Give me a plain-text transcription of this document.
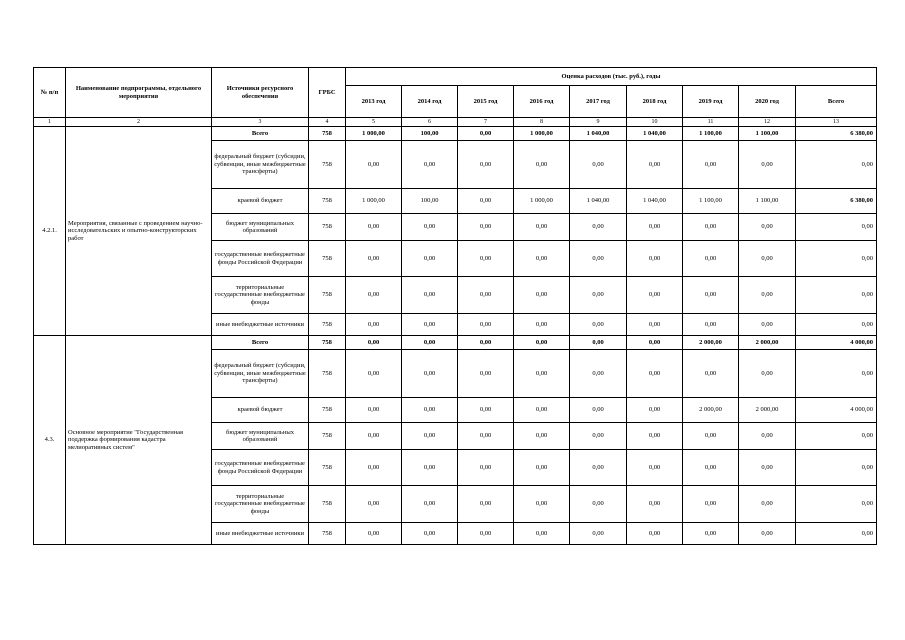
№ п/п	Наименование подпрограммы, отдельного мероприятия	Источники ресурсного обеспечения	ГРБС	Оценка расходов (тыс. руб.), годы								
				2013 год	2014 год	2015 год	2016 год	2017 год	2018 год	2019 год	2020 год	Всего
1	2	3	4	5	6	7	8	9	10	11	12	13
4.2.1.	Мероприятия, связанные с проведением научно-исследовательских и опытно-конструкторских работ	Всего	758	1 000,00	100,00	0,00	1 000,00	1 040,00	1 040,00	1 100,00	1 100,00	6 380,00
		федеральный бюджет (субсидии, субвенции, иные межбюджетные трансферты)	758	0,00	0,00	0,00	0,00	0,00	0,00	0,00	0,00	0,00
		краевой бюджет	758	1 000,00	100,00	0,00	1 000,00	1 040,00	1 040,00	1 100,00	1 100,00	6 380,00
		бюджет муниципальных образований	758	0,00	0,00	0,00	0,00	0,00	0,00	0,00	0,00	0,00
		государственные внебюджетные фонды Российской Федерации	758	0,00	0,00	0,00	0,00	0,00	0,00	0,00	0,00	0,00
		территориальные государственные внебюджетные фонды	758	0,00	0,00	0,00	0,00	0,00	0,00	0,00	0,00	0,00
		иные внебюджетные источники	758	0,00	0,00	0,00	0,00	0,00	0,00	0,00	0,00	0,00
4.3.	Основное мероприятие "Государственная поддержка формирования кадастра мелиоративных систем"	Всего	758	0,00	0,00	0,00	0,00	0,00	0,00	2 000,00	2 000,00	4 000,00
		федеральный бюджет (субсидии, субвенции, иные межбюджетные трансферты)	758	0,00	0,00	0,00	0,00	0,00	0,00	0,00	0,00	0,00
		краевой бюджет	758	0,00	0,00	0,00	0,00	0,00	0,00	2 000,00	2 000,00	4 000,00
		бюджет муниципальных образований	758	0,00	0,00	0,00	0,00	0,00	0,00	0,00	0,00	0,00
		государственные внебюджетные фонды Российской Федерации	758	0,00	0,00	0,00	0,00	0,00	0,00	0,00	0,00	0,00
		территориальные государственные внебюджетные фонды	758	0,00	0,00	0,00	0,00	0,00	0,00	0,00	0,00	0,00
		иные внебюджетные источники	758	0,00	0,00	0,00	0,00	0,00	0,00	0,00	0,00	0,00
